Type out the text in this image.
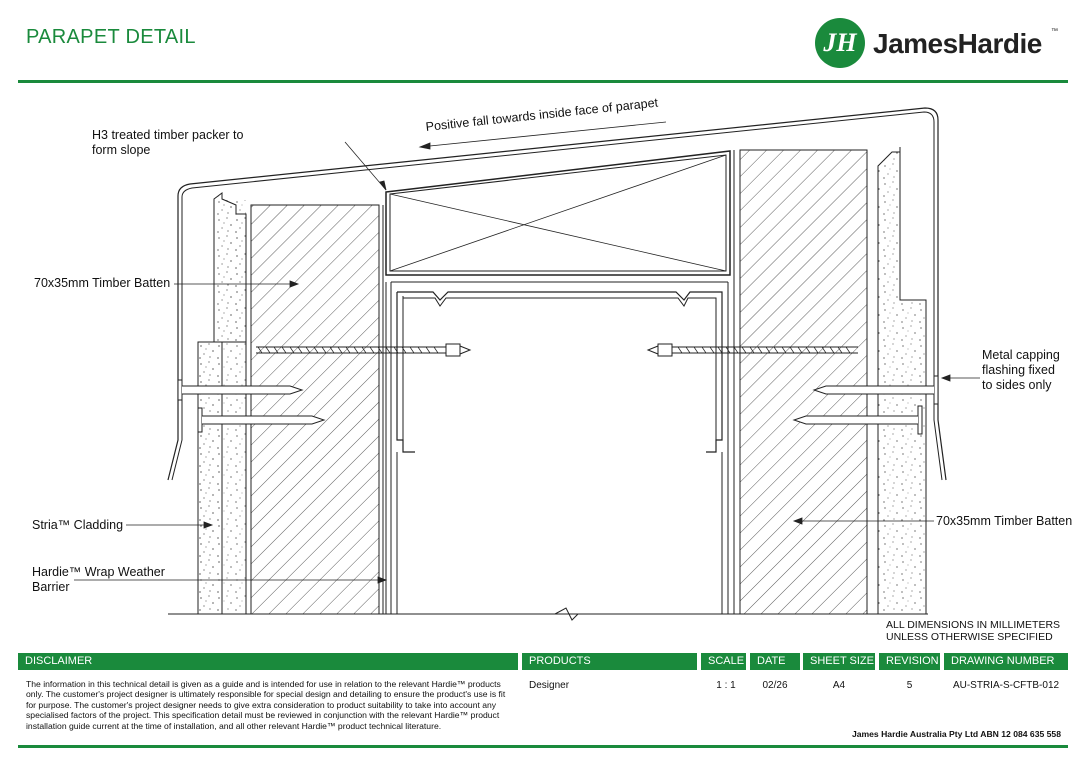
PARAPET DETAIL	JH JamesHardie ™
H3 treated timber packer to form slope
Positive fall towards inside face of parapet
70x35mm Timber Batten
Metal capping flashing fixed to sides only
Stria™ Cladding
Hardie™ Wrap Weather Barrier
70x35mm Timber Batten
ALL DIMENSIONS IN MILLIMETERS
UNLESS OTHERWISE SPECIFIED
DISCLAIMER	PRODUCTS	SCALE	DATE	SHEET SIZE	REVISION	DRAWING NUMBER
The information in this technical detail is given as a guide and is intended for use in relation to the relevant Hardie™ products only. The customer's project designer is ultimately responsible for special design and detailing to ensure the product's use is fit for purpose. The customer's project designer needs to give extra consideration to product suitability to take into account any specialised factors of the project. This specification detail must be reviewed in conjunction with the relevant Hardie™ product installation guide current at the time of installation, and all other relevant Hardie™ product technical literature.
Designer	1 : 1	02/26	A4	5	AU-STRIA-S-CFTB-012
James Hardie Australia Pty Ltd ABN 12 084 635 558
